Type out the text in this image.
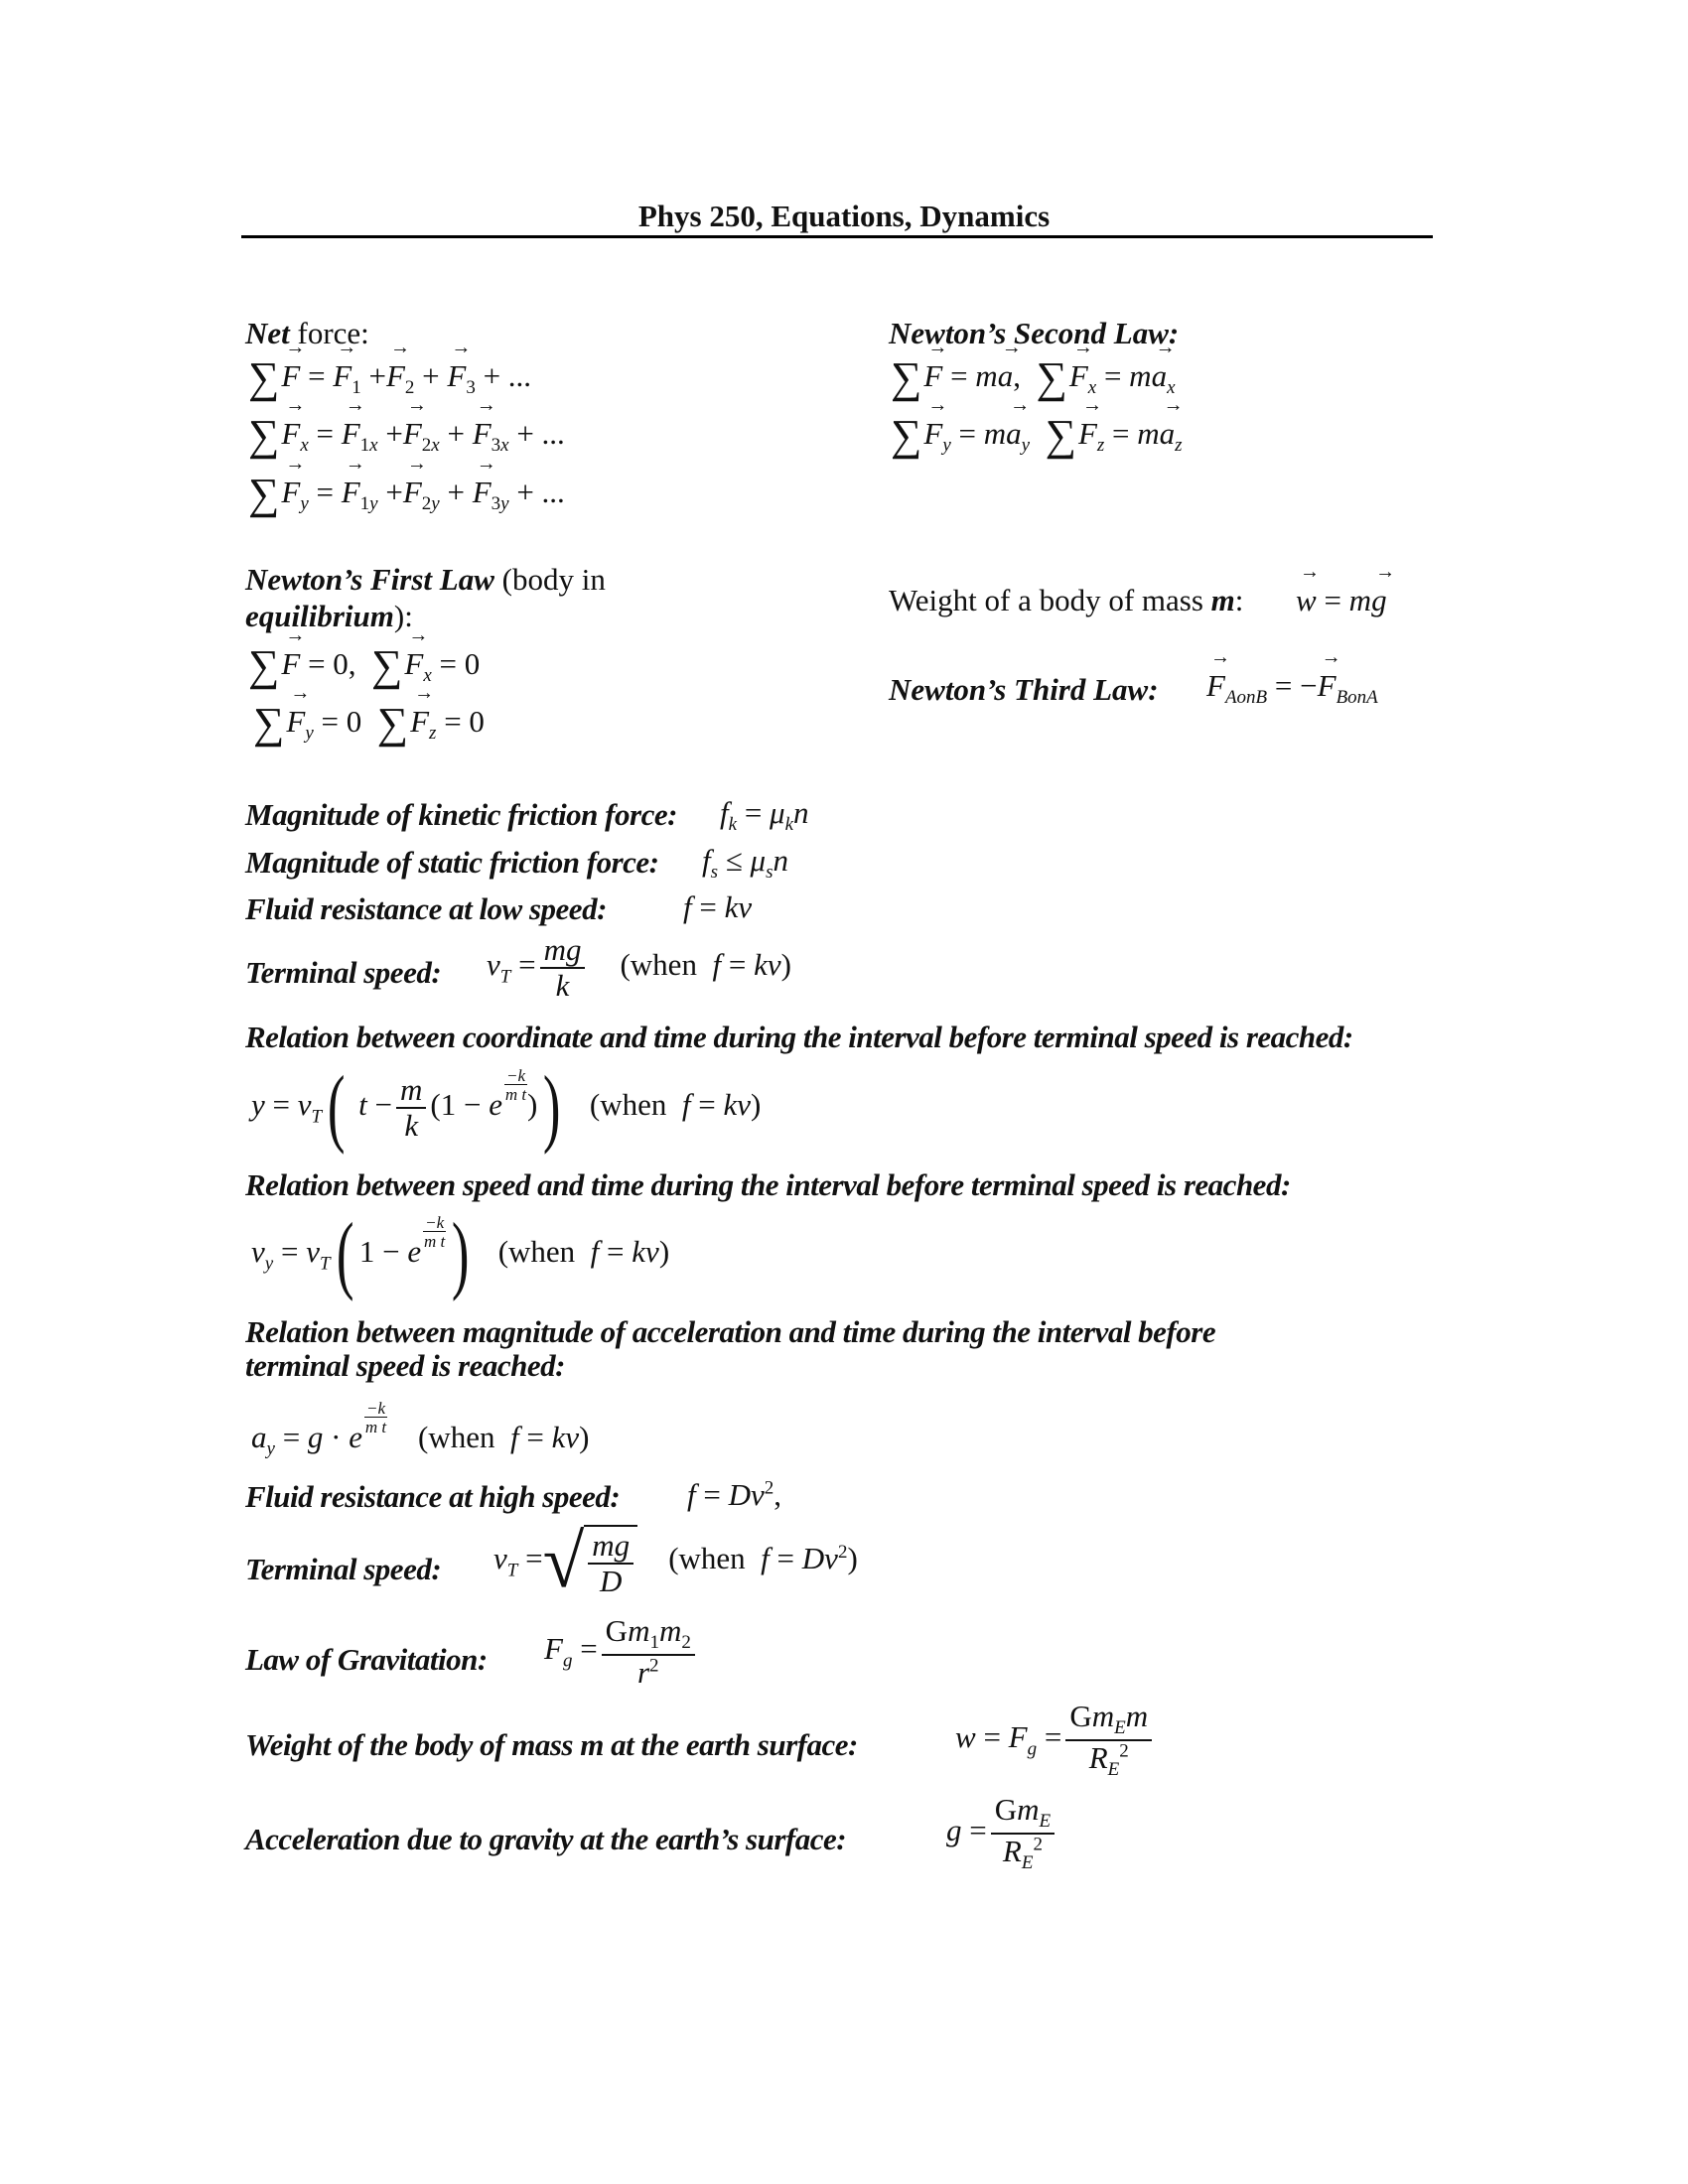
Phys 250, Equations, Dynamics
Net force:
∑→ F = → $F_1 +\to F_2$ + → $F_3$ + ...
∑→ $F_x$ = → $F_{1x} +\to F_{2x}$ + → $F_{3x}$ + ...
∑→ $F_y$ = → $F_{1y} +\to F_{2y}$ + → $F_{3y}$ + ...
Newton’s Second Law:
∑→ F = m→ a, ∑→ $F_x = m\to a_x$
∑→ $F_y = m\to a_y$ ∑→ $F_z = m\to a_z$
Newton’s First Law (body in
equilibrium):
∑→ F = 0, ∑→ $F_x = 0$
∑→ $F_y = 0$ ∑→ $F_z = 0$
Weight of a body of mass m: → w = m→ g
Newton’s Third Law: → $F_{AonB}$ = −→ $F_{BonA}$
Magnitude of kinetic friction force: $f_k = \mu_kn$
Magnitude of static friction force: $f_s \le \mu_sn$
Fluid resistance at low speed: f = kv
Terminal speed: $v_T = \frac{mg}{k}$ (when  f = kv)
Relation between coordinate and time during the interval before terminal speed is reached:
$y = v_T$( $t - \frac{m}{k} (1 - e \frac{-k}{\text{m t}}$ )) (when  f = kv)
Relation between speed and time during the interval before terminal speed is reached:
$v_y = v_T$( 1 − e $\frac{-k}{\text{m t}}$ ) (when  f = kv)
Relation between magnitude of acceleration and time during the interval before
terminal speed is reached:
$a_y = g \cdot e \frac{-k}{\text{m t}}$ (when  f = kv)
Fluid resistance at high speed: $f = Dv^2$,
Terminal speed: $v_T$ = √ $\frac{mg}{D}$ (when  $f = Dv^2$)
Law of Gravitation: $F_g = \frac{Gm_1m_2}{r^2}$
Weight of the body of mass m at the earth surface:	$w = F_g = \frac{Gm_Em}{R_E^2}$
Acceleration due to gravity at the earth’s surface:	$g = \frac{Gm_E}{R_E^2}$
